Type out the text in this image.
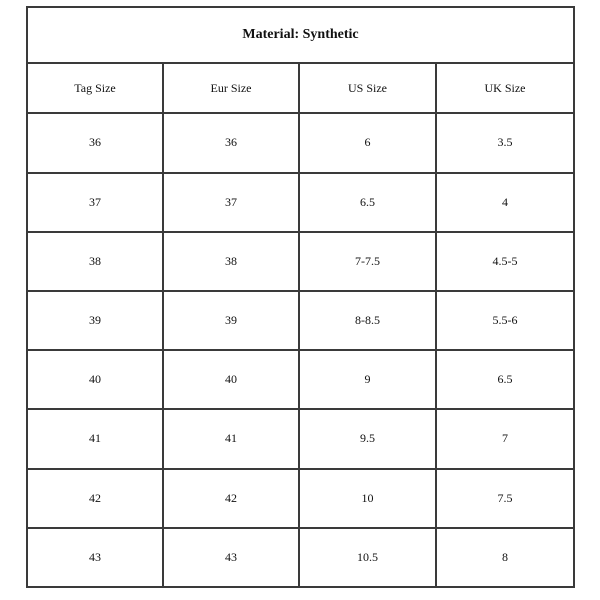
Material: Synthetic			
Tag Size	Eur Size	US Size	UK Size
36	36	6	3.5
37	37	6.5	4
38	38	7-7.5	4.5-5
39	39	8-8.5	5.5-6
40	40	9	6.5
41	41	9.5	7
42	42	10	7.5
43	43	10.5	8
